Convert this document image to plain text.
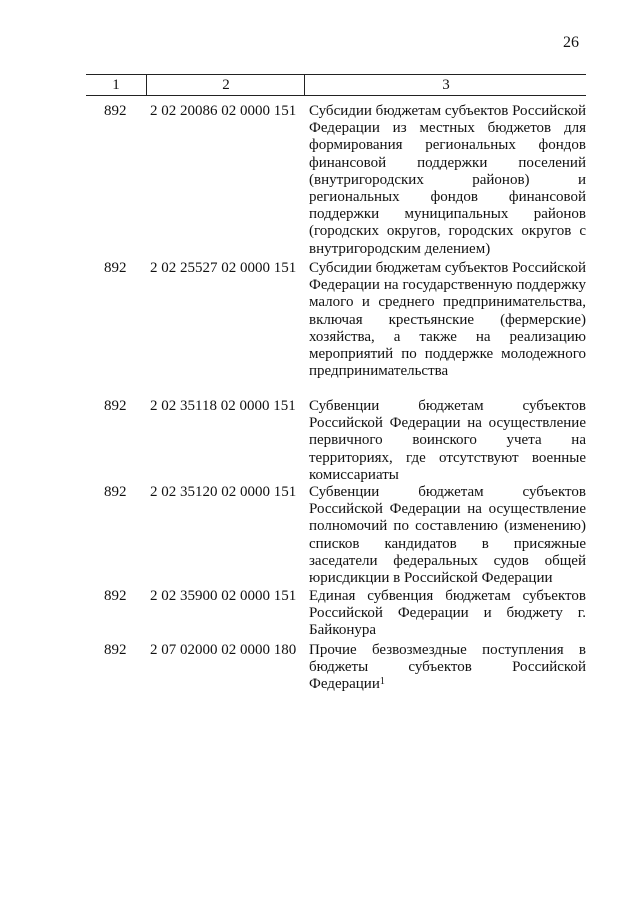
26
1	2	3
892 2 02 20086 02 0000 151 Субсидии бюджетам субъектов Российской Федерации из местных бюджетов для формирования региональных фондов финансовой поддержки поселений (внутригородских районов) и региональных фондов финансовой поддержки муниципальных районов (городских округов, городских округов с внутригородским делением)
892 2 02 25527 02 0000 151 Субсидии бюджетам субъектов Российской Федерации на государственную поддержку малого и среднего предпринимательства, включая крестьянские (фермерские) хозяйства, а также на реализацию мероприятий по поддержке молодежного предпринимательства
892 2 02 35118 02 0000 151 Субвенции бюджетам субъектов Российской Федерации на осуществление первичного воинского учета на территориях, где отсутствуют военные комиссариаты
892 2 02 35120 02 0000 151 Субвенции бюджетам субъектов Российской Федерации на осуществление полномочий по составлению (изменению) списков кандидатов в присяжные заседатели федеральных судов общей юрисдикции в Российской Федерации
892 2 02 35900 02 0000 151 Единая субвенция бюджетам субъектов Российской Федерации и бюджету г. Байконура
892 2 07 02000 02 0000 180 Прочие безвозмездные поступления в бюджеты субъектов Российской Федерации$^1$
